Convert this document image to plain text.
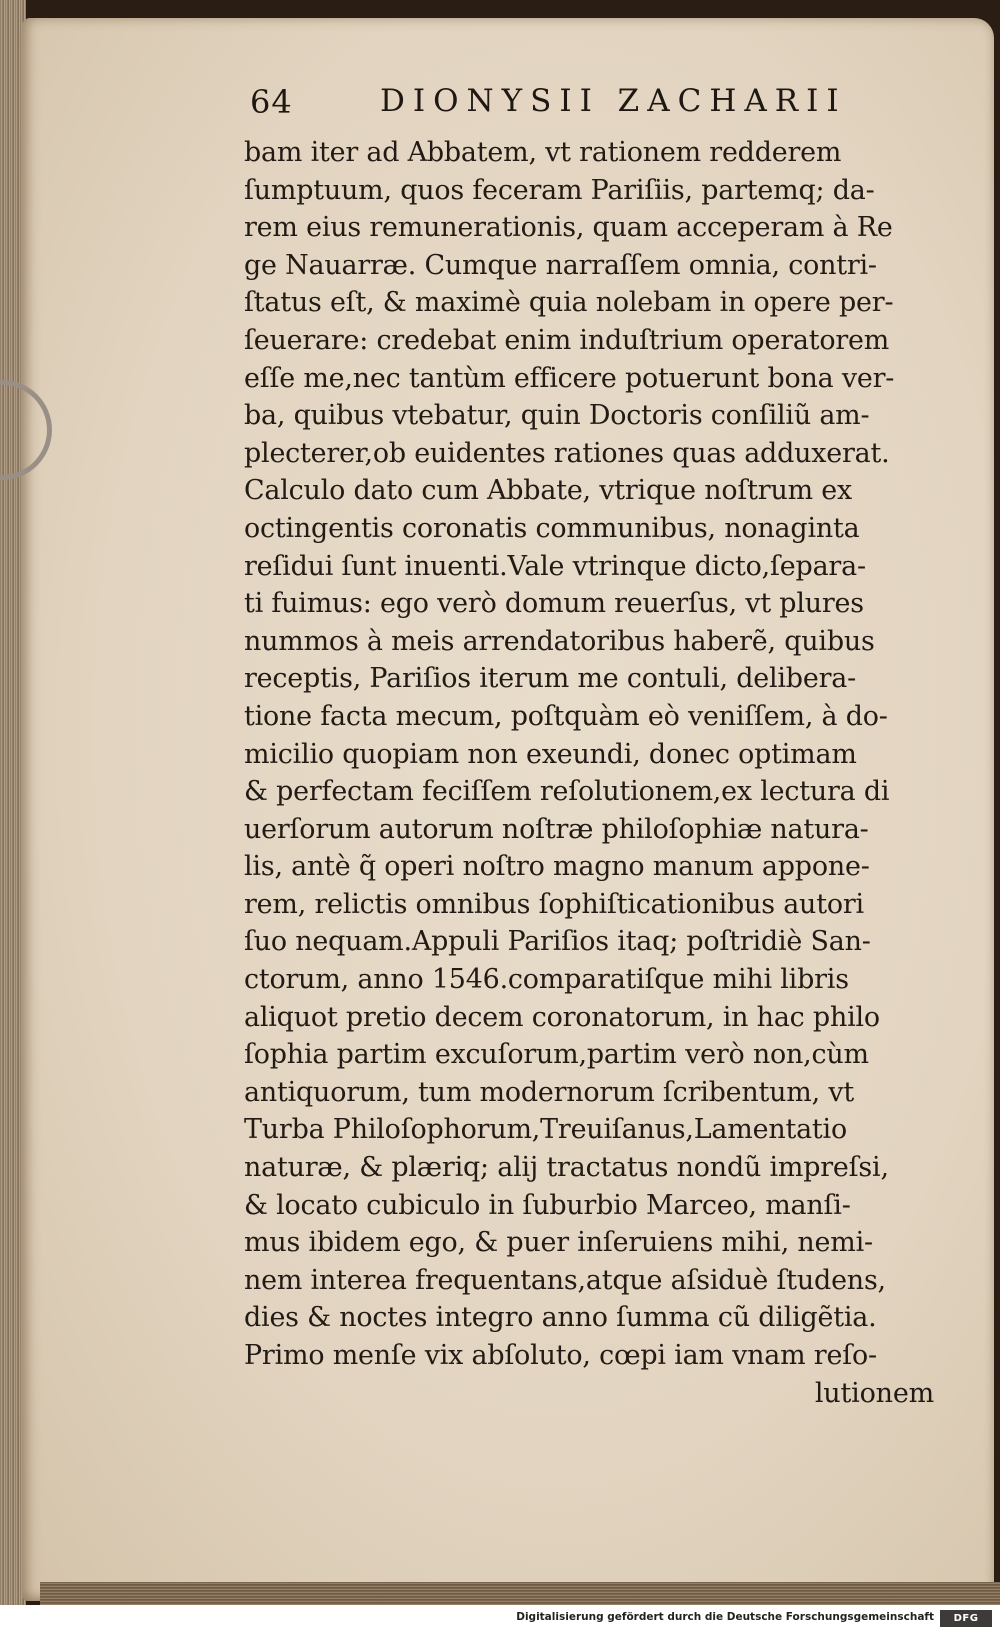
64	DIONYSII ZACHARII
bam iter ad Abbatem, vt rationem redderem
ſumptuum, quos feceram Pariſiis, partemq; da-
rem eius remunerationis, quam acceperam à Re
ge Nauarræ. Cumque narraſſem omnia, contri-
ſtatus eſt, & maximè quia nolebam in opere per-
ſeuerare: credebat enim induſtrium operatorem
eſſe me,nec tantùm efficere potuerunt bona ver-
ba, quibus vtebatur, quin Doctoris conſiliũ am-
plecterer,ob euidentes rationes quas adduxerat.
Calculo dato cum Abbate, vtrique noſtrum ex
octingentis coronatis communibus, nonaginta
reſidui ſunt inuenti.Vale vtrinque dicto,ſepara-
ti fuimus: ego verò domum reuerſus, vt plures
nummos à meis arrendatoribus haberẽ, quibus
receptis, Pariſios iterum me contuli, delibera-
tione facta mecum, poſtquàm eò veniſſem, à do-
micilio quopiam non exeundi, donec optimam
& perfectam feciſſem reſolutionem,ex lectura di
uerſorum autorum noſtræ philoſophiæ natura-
lis, antè q̃ operi noſtro magno manum appone-
rem, relictis omnibus ſophiſticationibus autori
ſuo nequam.Appuli Pariſios itaq; poſtridiè San-
ctorum, anno 1546.comparatiſque mihi libris
aliquot pretio decem coronatorum, in hac philo
ſophia partim excuſorum,partim verò non,cùm
antiquorum, tum modernorum ſcribentum, vt
Turba Philoſophorum,Treuiſanus,Lamentatio
naturæ, & plæriq; alij tractatus nondũ impreſsi,
& locato cubiculo in ſuburbio Marceo, manſi-
mus ibidem ego, & puer inſeruiens mihi, nemi-
nem interea frequentans,atque aſsiduè ſtudens,
dies & noctes integro anno ſumma cũ diligẽtia.
Primo menſe vix abſoluto, cœpi iam vnam reſo-
lutionem
Digitalisierung gefördert durch die Deutsche Forschungsgemeinschaft	DFG
